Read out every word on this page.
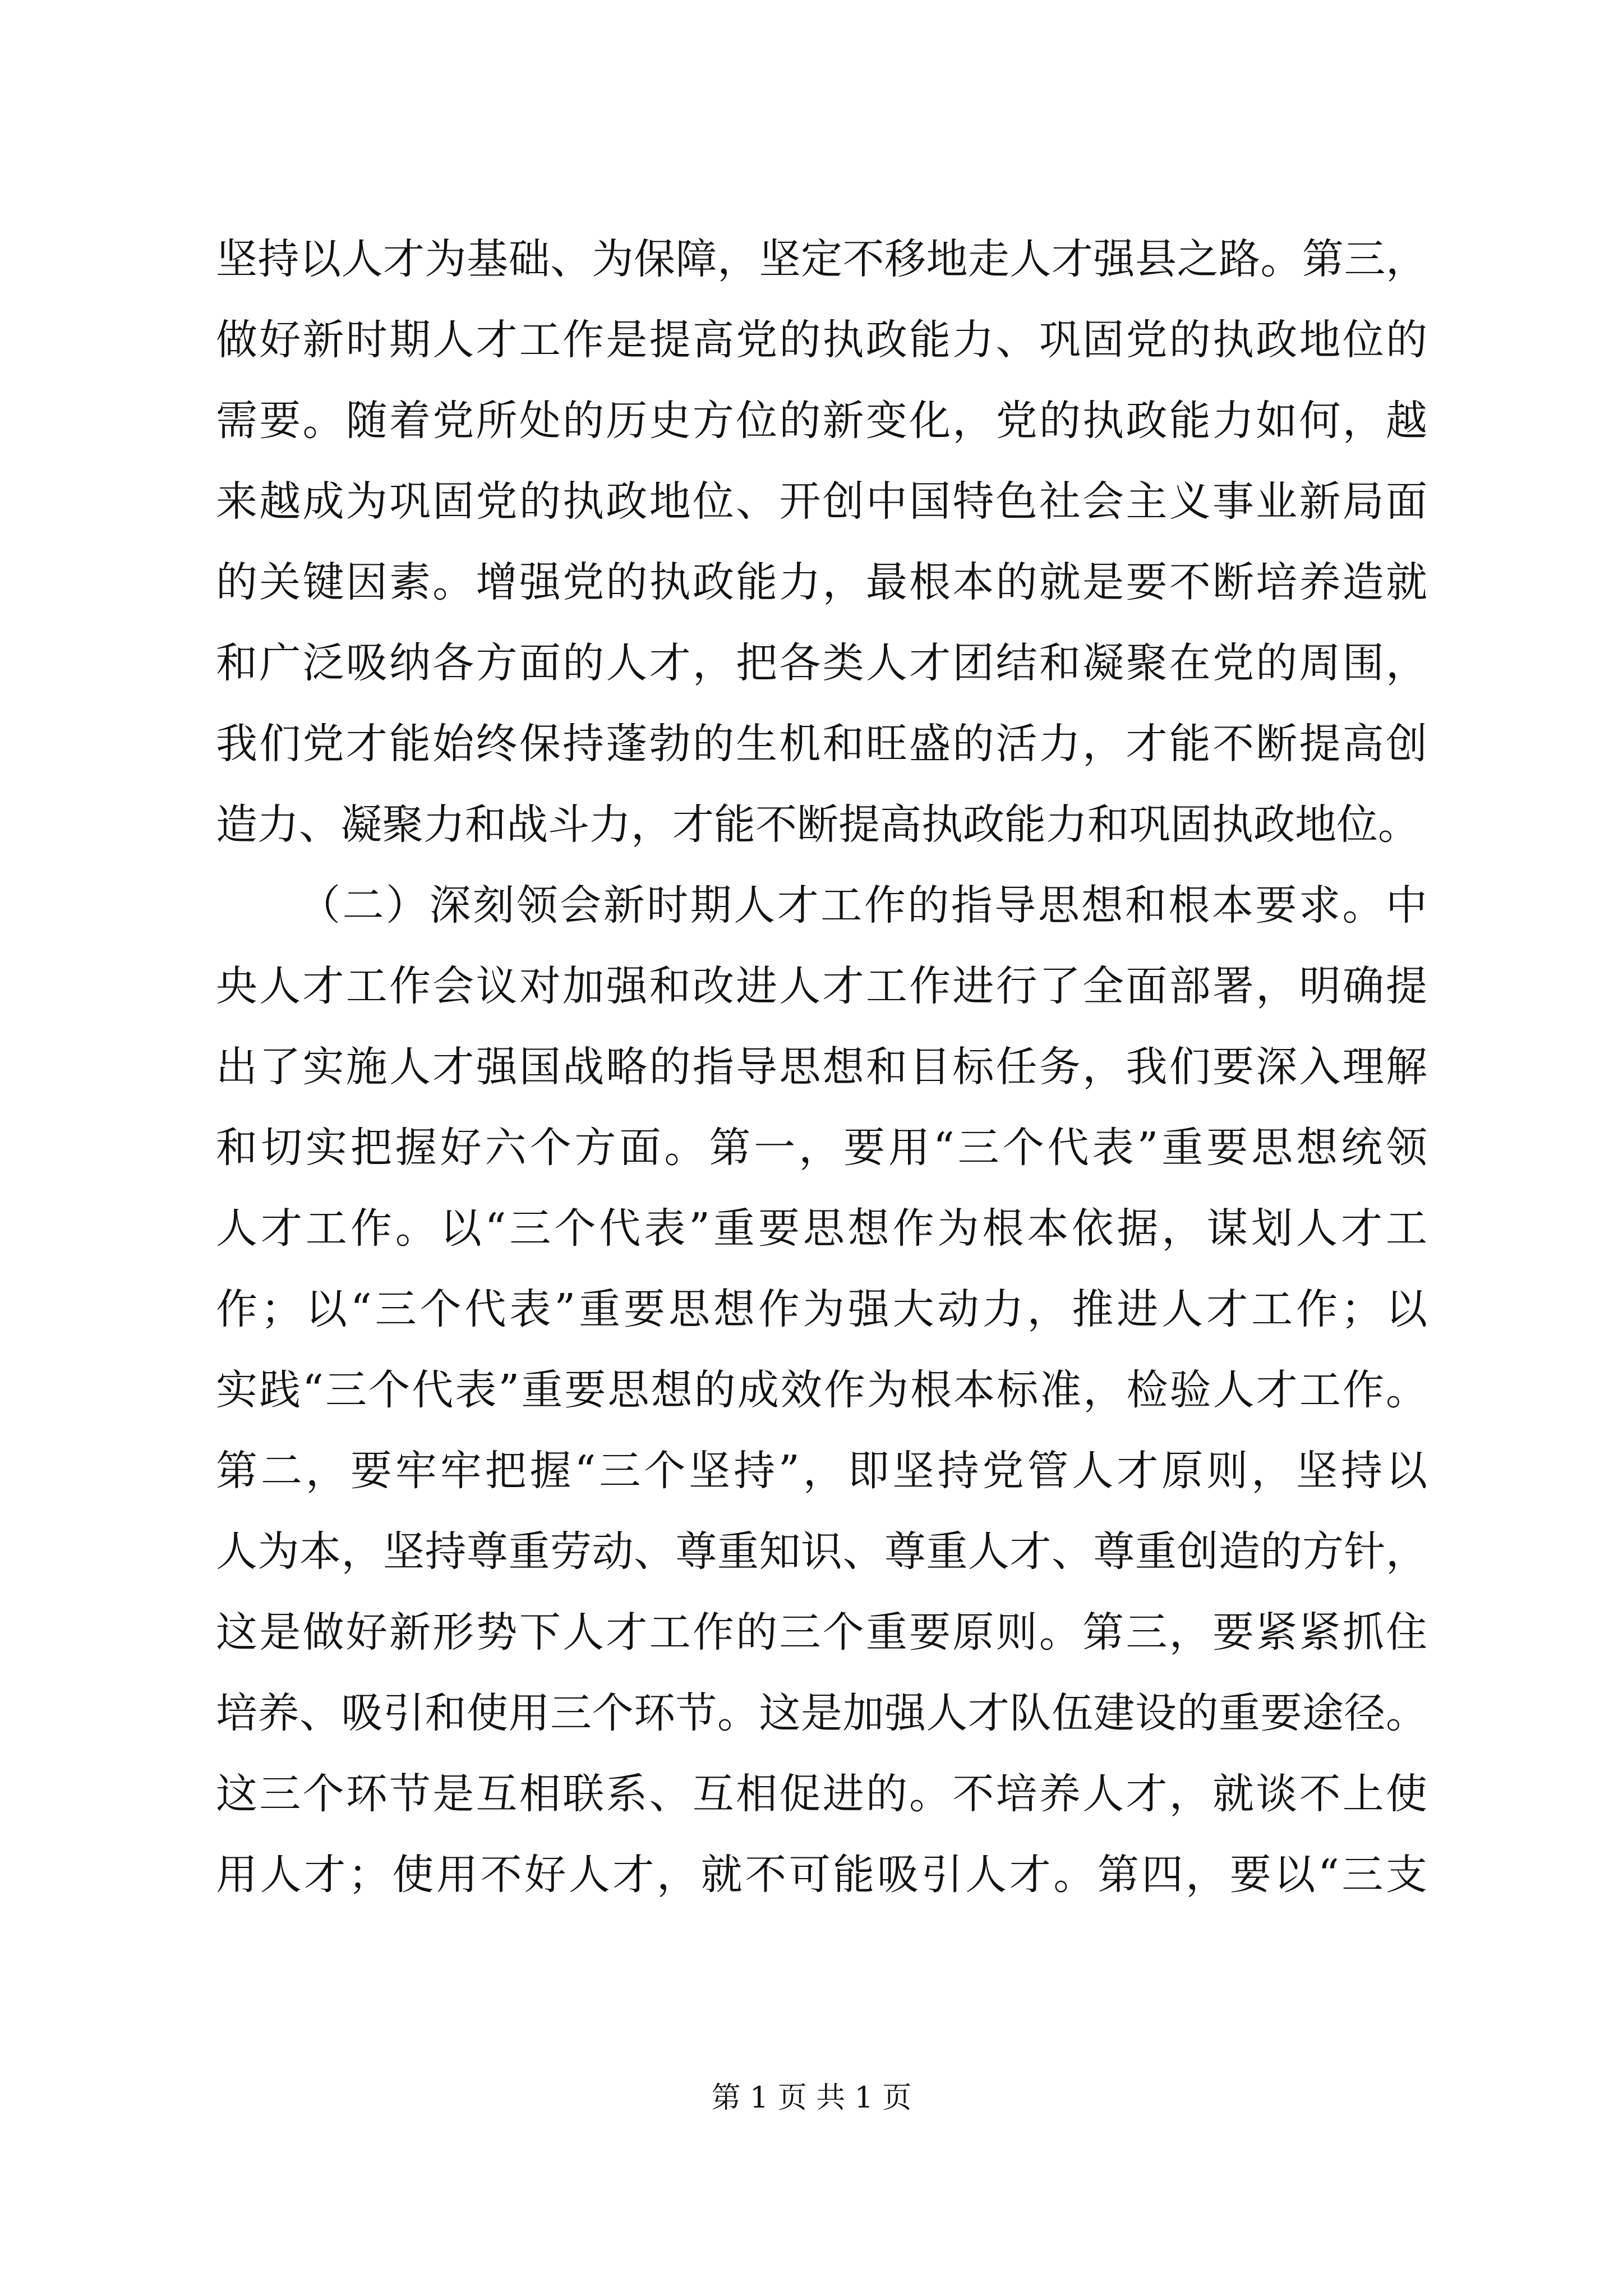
坚持以人才为基础、为保障，坚定不移地走人才强县之路。第三，
做好新时期人才工作是提高党的执政能力、巩固党的执政地位的
需要。随着党所处的历史方位的新变化，党的执政能力如何，越
来越成为巩固党的执政地位、开创中国特色社会主义事业新局面
的关键因素。增强党的执政能力，最根本的就是要不断培养造就
和广泛吸纳各方面的人才，把各类人才团结和凝聚在党的周围，
我们党才能始终保持蓬勃的生机和旺盛的活力，才能不断提高创
造力、凝聚力和战斗力，才能不断提高执政能力和巩固执政地位。
（二）深刻领会新时期人才工作的指导思想和根本要求。中
央人才工作会议对加强和改进人才工作进行了全面部署，明确提
出了实施人才强国战略的指导思想和目标任务，我们要深入理解
和切实把握好六个方面。第一，要用“三个代表”重要思想统领
人才工作。以“三个代表”重要思想作为根本依据，谋划人才工
作；以“三个代表”重要思想作为强大动力，推进人才工作；以
实践“三个代表”重要思想的成效作为根本标准，检验人才工作。
第二，要牢牢把握“三个坚持”，即坚持党管人才原则，坚持以
人为本，坚持尊重劳动、尊重知识、尊重人才、尊重创造的方针，
这是做好新形势下人才工作的三个重要原则。第三，要紧紧抓住
培养、吸引和使用三个环节。这是加强人才队伍建设的重要途径。
这三个环节是互相联系、互相促进的。不培养人才，就谈不上使
用人才；使用不好人才，就不可能吸引人才。第四，要以“三支
第 1 页 共 1 页
